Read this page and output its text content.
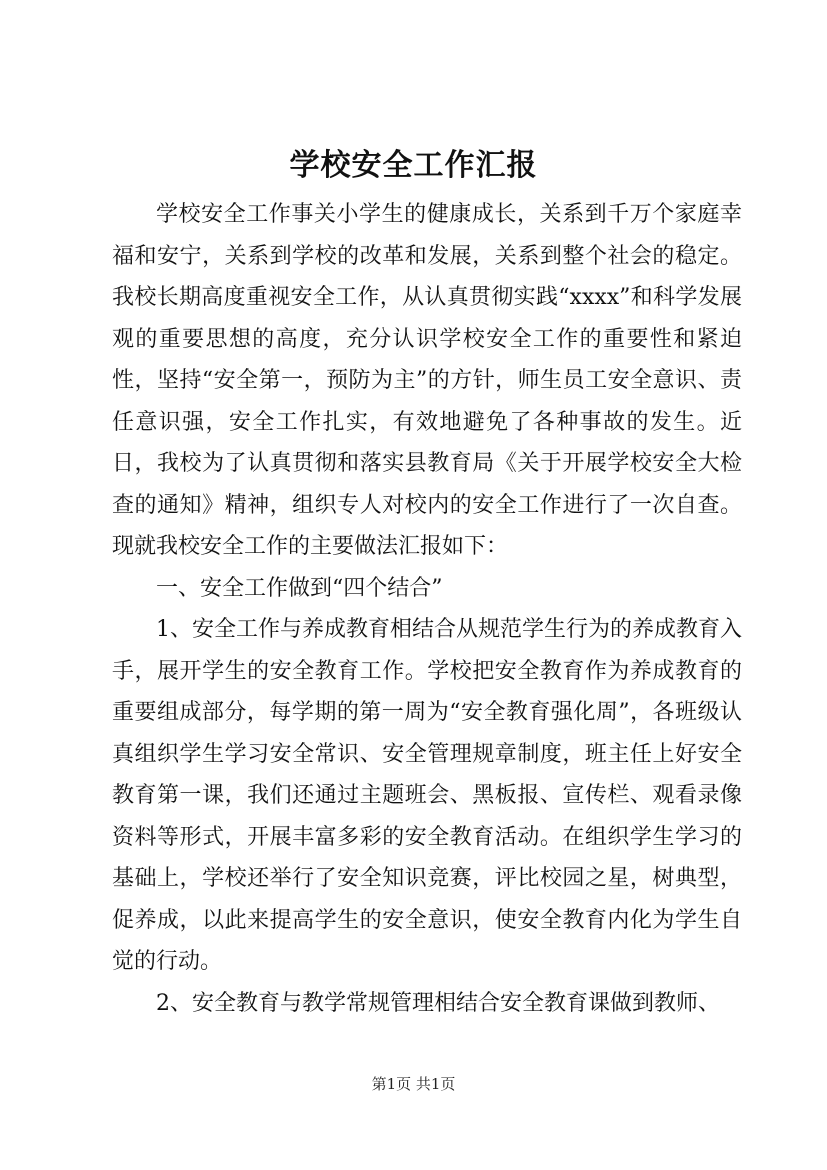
学校安全工作汇报

学校安全工作事关小学生的健康成长，关系到千万个家庭幸福和安宁，关系到学校的改革和发展，关系到整个社会的稳定。我校长期高度重视安全工作，从认真贯彻实践“xxxx”和科学发展观的重要思想的高度，充分认识学校安全工作的重要性和紧迫性，坚持“安全第一，预防为主”的方针，师生员工安全意识、责任意识强，安全工作扎实，有效地避免了各种事故的发生。近日，我校为了认真贯彻和落实县教育局《关于开展学校安全大检查的通知》精神，组织专人对校内的安全工作进行了一次自查。现就我校安全工作的主要做法汇报如下：

一、安全工作做到“四个结合”

1、安全工作与养成教育相结合从规范学生行为的养成教育入手，展开学生的安全教育工作。学校把安全教育作为养成教育的重要组成部分，每学期的第一周为“安全教育强化周”，各班级认真组织学生学习安全常识、安全管理规章制度，班主任上好安全教育第一课，我们还通过主题班会、黑板报、宣传栏、观看录像资料等形式，开展丰富多彩的安全教育活动。在组织学生学习的基础上，学校还举行了安全知识竞赛，评比校园之星，树典型，促养成，以此来提高学生的安全意识，使安全教育内化为学生自觉的行动。

2、安全教育与教学常规管理相结合安全教育课做到教师、

第1页 共1页
